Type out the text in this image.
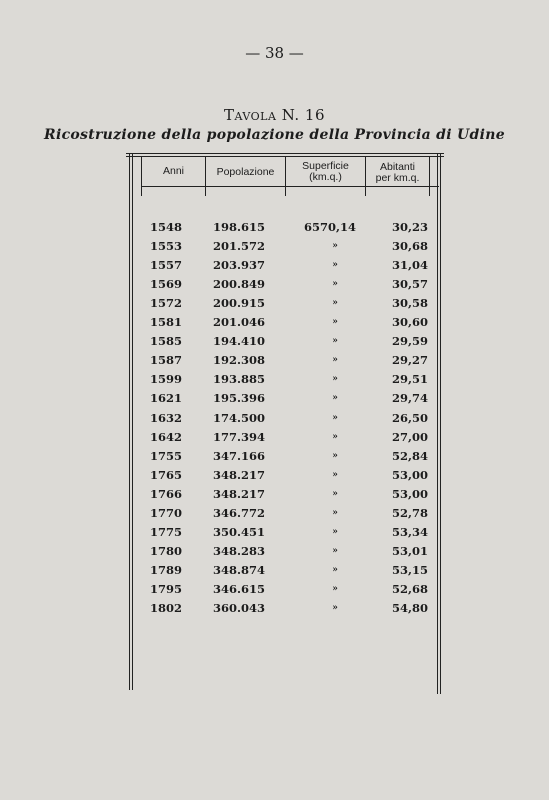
— 38 —
Tavola N. 16
Ricostruzione della popolazione della Provincia di Udine
Anni	Popolazione	Superficie
(km.q.)
Abitanti
per km.q.
1548	198.615	6570,14	30,23
1553	201.572	»	30,68
1557	203.937	»	31,04
1569	200.849	»	30,57
1572	200.915	»	30,58
1581	201.046	»	30,60
1585	194.410	»	29,59
1587	192.308	»	29,27
1599	193.885	»	29,51
1621	195.396	»	29,74
1632	174.500	»	26,50
1642	177.394	»	27,00
1755	347.166	»	52,84
1765	348.217	»	53,00
1766	348.217	»	53,00
1770	346.772	»	52,78
1775	350.451	»	53,34
1780	348.283	»	53,01
1789	348.874	»	53,15
1795	346.615	»	52,68
1802	360.043	»	54,80
